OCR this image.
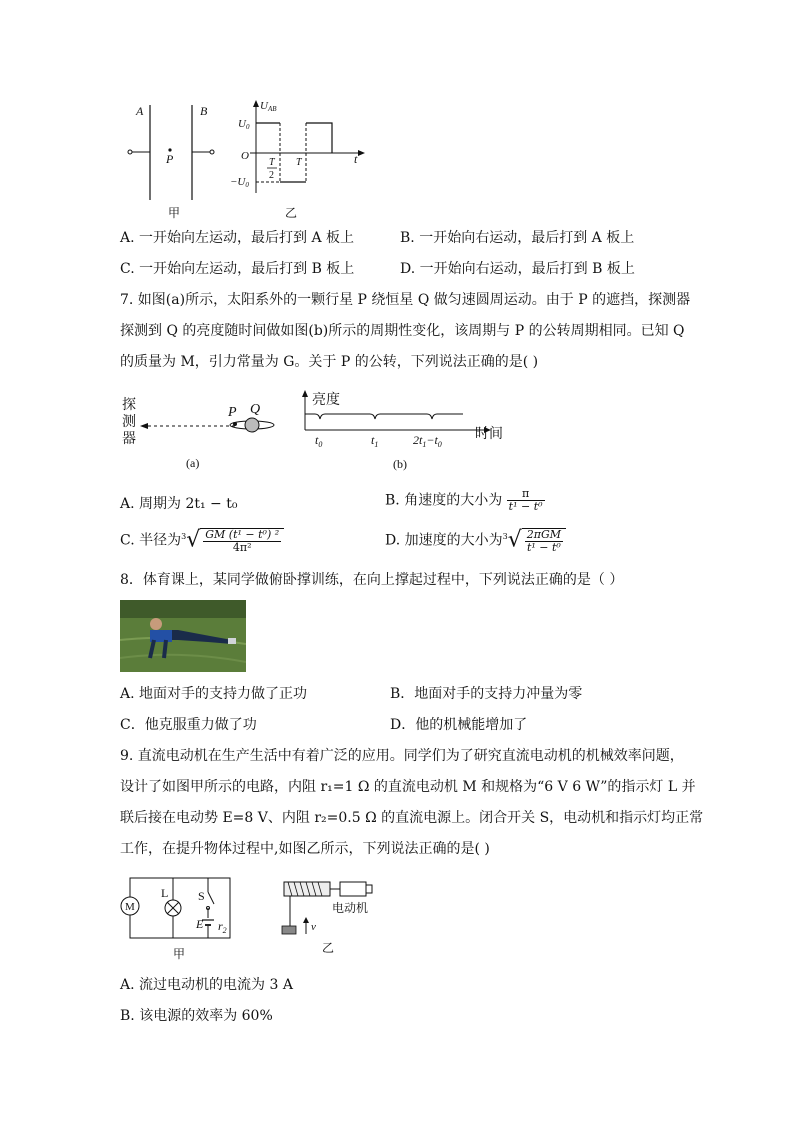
A	B
P
UAB
U0
−U0
O	t
T
2
T
甲	乙
A. 一开始向左运动，最后打到 A 板上	B. 一开始向右运动，最后打到 A 板上
C. 一开始向左运动，最后打到 B 板上	D. 一开始向右运动，最后打到 B 板上
7. 如图(a)所示，太阳系外的一颗行星 P 绕恒星 Q 做匀速圆周运动。由于 P 的遮挡，探测器
探测到 Q 的亮度随时间做如图(b)所示的周期性变化，该周期与 P 的公转周期相同。已知 Q
的质量为 M，引力常量为 G。关于 P 的公转，下列说法正确的是( )
探
测
器
P Q
(a)
亮度
时间
$t_0$	$t_1$	$2t_1-t_0$
(b)
A. 周期为 2t₁ − t₀	B. 角速度的大小为 $\frac{\pi}{\text{t¹ − t⁰}}$
C. 半径为$^3√ \frac{\text{GM (t¹ − t⁰) ²}}{\text{4π²}}$	D. 加速度的大小为$^3√ \frac{\text{2πGM}}{\text{t¹ − t⁰}}$
8．体育课上，某同学做俯卧撑训练，在向上撑起过程中，下列说法正确的是（ ）
A. 地面对手的支持力做了正功	B．地面对手的支持力冲量为零
C．他克服重力做了功	D．他的机械能增加了
9. 直流电动机在生产生活中有着广泛的应用。同学们为了研究直流电动机的机械效率问题，
设计了如图甲所示的电路，内阻 r₁=1 Ω 的直流电动机 M 和规格为“6 V 6 W”的指示灯 L 并
联后接在电动势 E=8 V、内阻 r₂=0.5 Ω 的直流电源上。闭合开关 S，电动机和指示灯均正常
工作，在提升物体过程中,如图乙所示，下列说法正确的是( )
M
L S
E $r_2$
甲
v
电动机
乙
A. 流过电动机的电流为 3 A
B. 该电源的效率为 60%
